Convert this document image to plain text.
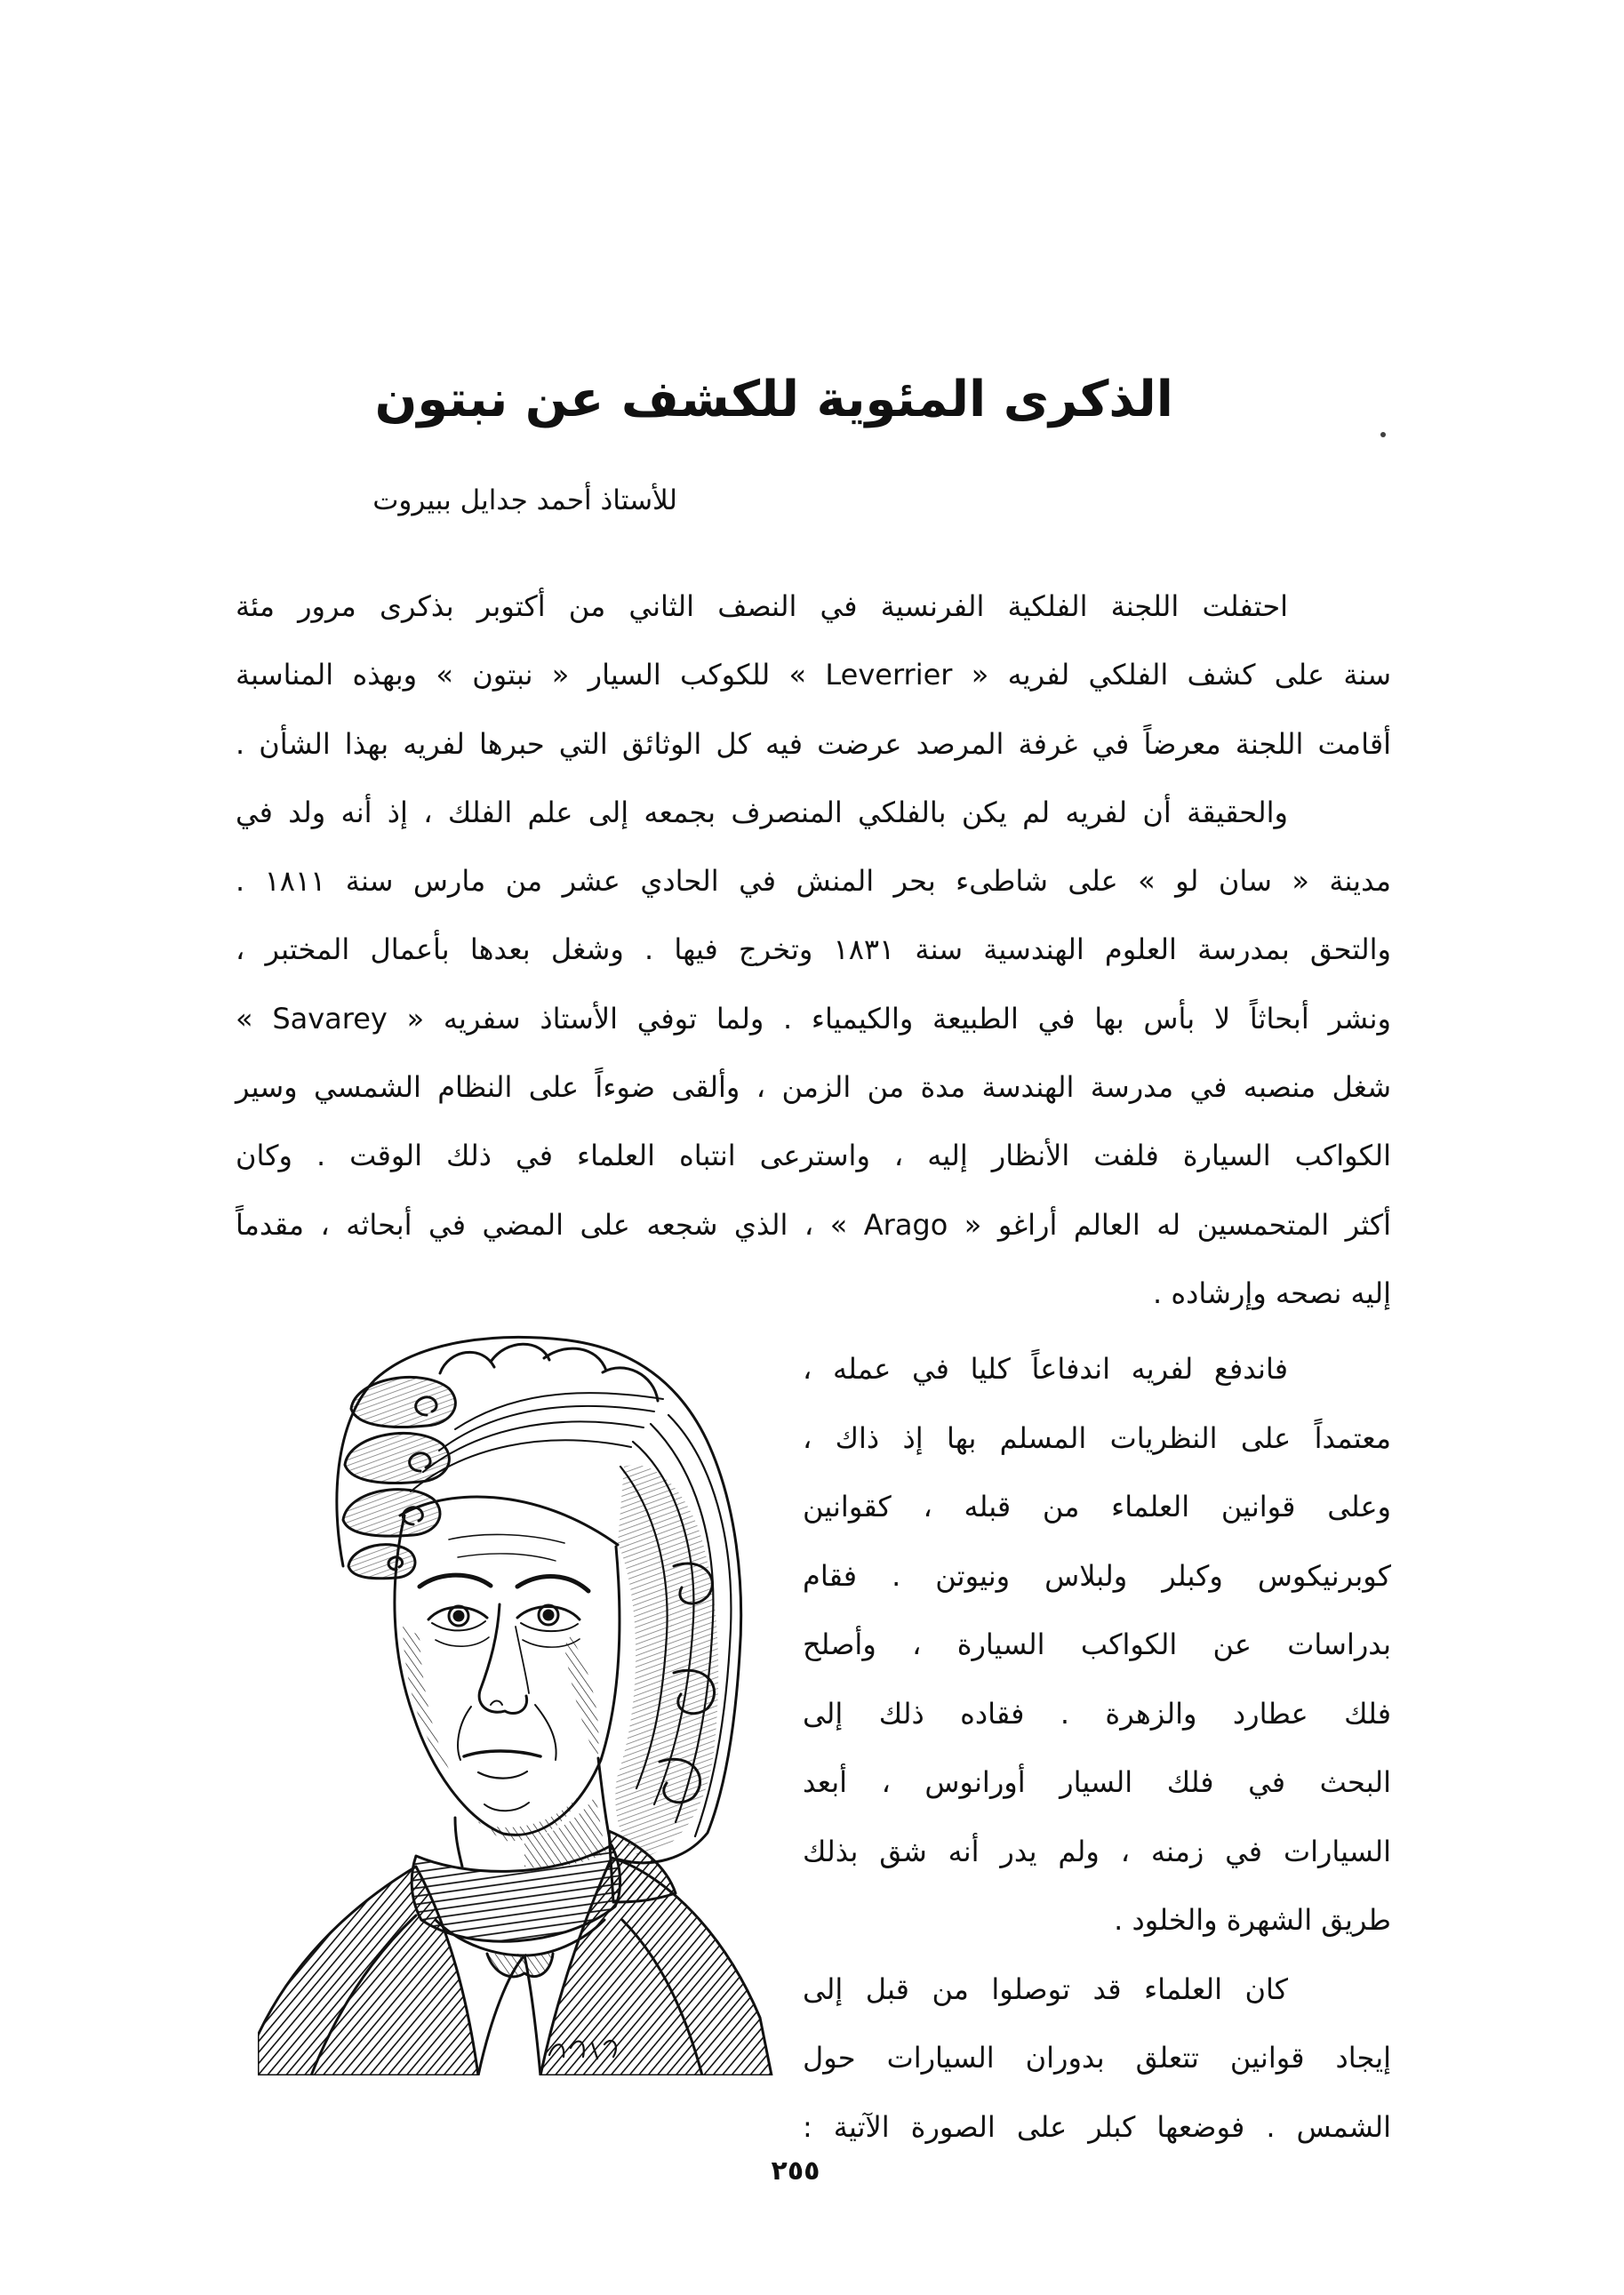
الذكرى المئوية للكشف عن نبتون
للأستاذ أحمد جدايل ببيروت
احتفلت اللجنة الفلكية الفرنسية في النصف الثاني من أكتوبر بذكرى مرور مئة
سنة على كشف الفلكي لفريه « Leverrier » للكوكب السيار « نبتون » وبهذه المناسبة
أقامت اللجنة معرضاً في غرفة المرصد عرضت فيه كل الوثائق التي حبرها لفريه بهذا الشأن .
والحقيقة أن لفريه لم يكن بالفلكي المنصرف بجمعه إلى علم الفلك ، إذ أنه ولد في
مدينة « سان لو » على شاطىء بحر المنش في الحادي عشر من مارس سنة ١٨١١ .
والتحق بمدرسة العلوم الهندسية سنة ١٨٣١ وتخرج فيها . وشغل بعدها بأعمال المختبر ،
ونشر أبحاثاً لا بأس بها في الطبيعة والكيمياء . ولما توفي الأستاذ سفريه « Savarey »
شغل منصبه في مدرسة الهندسة مدة من الزمن ، وألقى ضوءاً على النظام الشمسي وسير
الكواكب السيارة فلفت الأنظار إليه ، واسترعى انتباه العلماء في ذلك الوقت . وكان
أكثر المتحمسين له العالم أراغو « Arago » ، الذي شجعه على المضي في أبحاثه ، مقدماً
إليه نصحه وإرشاده .
فاندفع لفريه اندفاعاً كليا في عمله ،
معتمداً على النظريات المسلم بها إذ ذاك ،
وعلى قوانين العلماء من قبله ، كقوانين
كوبرنيكوس وكبلر ولبلاس ونيوتن . فقام
بدراسات عن الكواكب السيارة ، وأصلح
فلك عطارد والزهرة . فقاده ذلك إلى
البحث في فلك السيار أورانوس ، أبعد
السيارات في زمنه ، ولم يدر أنه شق بذلك
طريق الشهرة والخلود .
كان العلماء قد توصلوا من قبل إلى
إيجاد قوانين تتعلق بدوران السيارات حول
الشمس . فوضعها كبلر على الصورة الآتية :
٢٥٥
